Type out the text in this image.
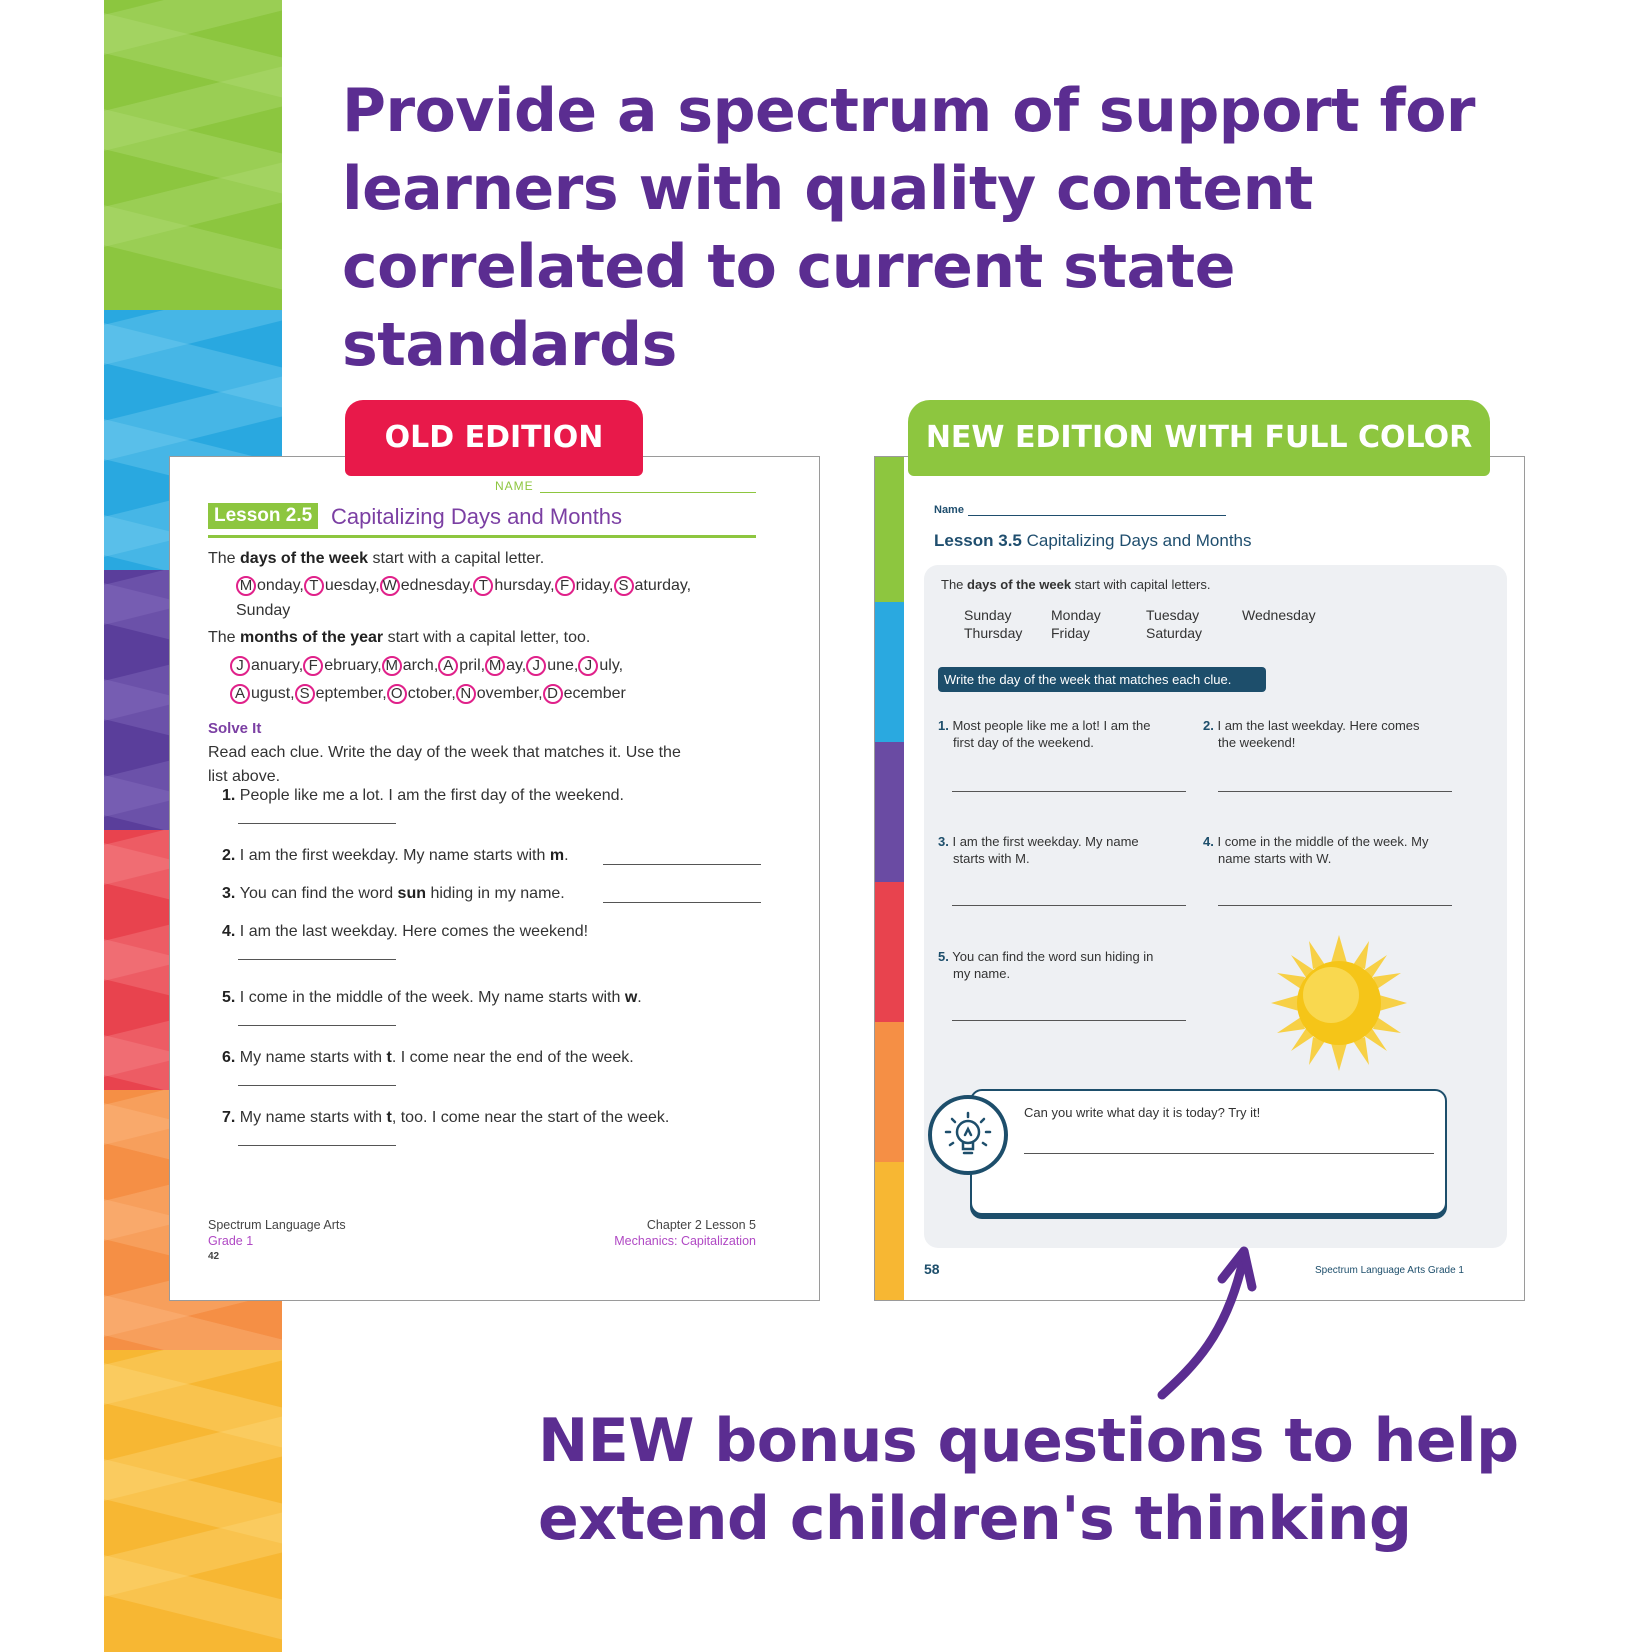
Provide a spectrum of support for
learners with quality content
correlated to current state standards
NAME
Lesson 2.5 Capitalizing Days and Months
The days of the week start with a capital letter.
M onday, T uesday, W ednesday, T hursday, F riday, S aturday,
Sunday
The months of the year start with a capital letter, too.
J anuary, F ebruary, M arch, A pril, M ay, J une, J uly,
A ugust, S eptember, O ctober, N ovember, D ecember
Solve It
Read each clue. Write the day of the week that matches it. Use the
list above.
1. People like me a lot. I am the first day of the weekend.
2. I am the first weekday. My name starts with m.
3. You can find the word sun hiding in my name.
4. I am the last weekday. Here comes the weekend!
5. I come in the middle of the week. My name starts with w.
6. My name starts with t. I come near the end of the week.
7. My name starts with t, too. I come near the start of the week.
Spectrum Language Arts
Grade 1
42
Chapter 2 Lesson 5
Mechanics: Capitalization
OLD EDITION
Name
Lesson 3.5 Capitalizing Days and Months
The days of the week start with capital letters.
Sunday	Monday	Tuesday	Wednesday
Thursday Friday	Saturday
Write the day of the week that matches each clue.
1. Most people like me a lot! I am the
first day of the weekend.
2. I am the last weekday. Here comes
the weekend!
3. I am the first weekday. My name
starts with M.
4. I come in the middle of the week. My
name starts with W.
5. You can find the word sun hiding in
my name.
Can you write what day it is today? Try it!
58	Spectrum Language Arts Grade 1
NEW EDITION WITH FULL COLOR
NEW bonus questions to help
extend children's thinking
